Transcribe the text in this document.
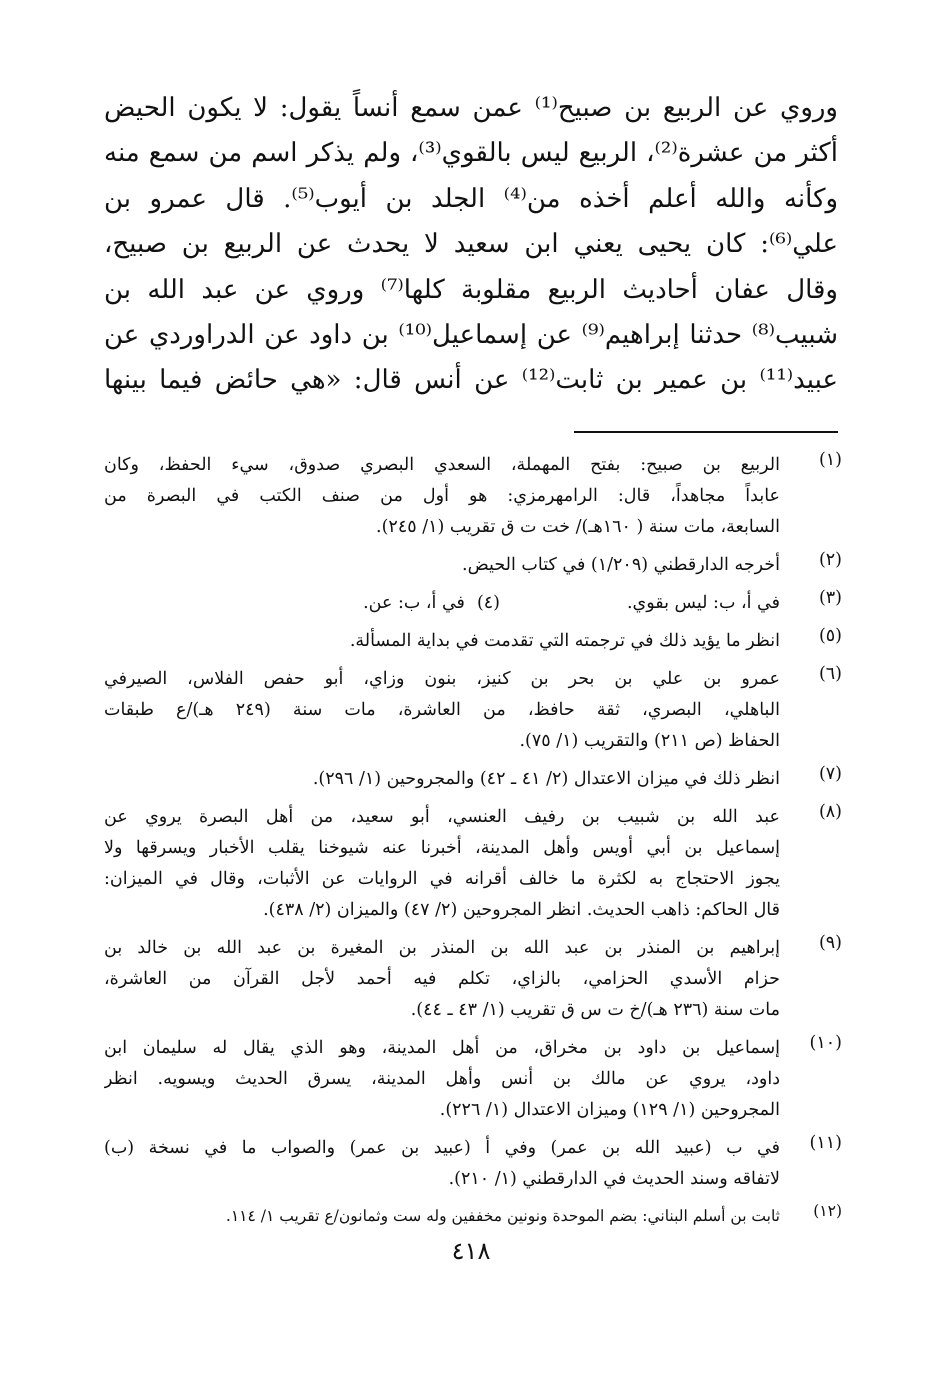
وروي عن الربيع بن صبيح⁽¹⁾ عمن سمع أنساً يقول: لا يكون الحيض
أكثر من عشرة⁽²⁾، الربيع ليس بالقوي⁽³⁾، ولم يذكر اسم من سمع منه
وكأنه والله أعلم أخذه من⁽⁴⁾ الجلد بن أيوب⁽⁵⁾. قال عمرو بن
علي⁽⁶⁾: كان يحيى يعني ابن سعيد لا يحدث عن الربيع بن صبيح،
وقال عفان أحاديث الربيع مقلوبة كلها⁽⁷⁾ وروي عن عبد الله بن
شبيب⁽⁸⁾ حدثنا إبراهيم⁽⁹⁾ عن إسماعيل⁽¹⁰⁾ بن داود عن الدراوردي عن
عبيد⁽¹¹⁾ بن عمير بن ثابت⁽¹²⁾ عن أنس قال: «هي حائض فيما بينها
(١)
الربيع بن صبيح: بفتح المهملة، السعدي البصري صدوق، سيء الحفظ، وكان
عابداً مجاهداً، قال: الرامهرمزي: هو أول من صنف الكتب في البصرة من
السابعة، مات سنة ( ١٦٠هـ)/ خت ت ق تقريب (١/ ٢٤٥).
(٢)
أخرجه الدارقطني (١/٢٠٩) في كتاب الحيض.
(٣)
في أ، ب: ليس بقوي.
(٤)
في أ، ب: عن.
(٥)
انظر ما يؤيد ذلك في ترجمته التي تقدمت في بداية المسألة.
(٦)
عمرو بن علي بن بحر بن كنيز، بنون وزاي، أبو حفص الفلاس، الصيرفي
الباهلي، البصري، ثقة حافظ، من العاشرة، مات سنة (٢٤٩ هـ)/ع طبقات
الحفاظ (ص ٢١١) والتقريب (١/ ٧٥).
(٧)
انظر ذلك في ميزان الاعتدال (٢/ ٤١ ـ ٤٢) والمجروحين (١/ ٢٩٦).
(٨)
عبد الله بن شبيب بن رفيف العنسي، أبو سعيد، من أهل البصرة يروي عن
إسماعيل بن أبي أويس وأهل المدينة، أخبرنا عنه شيوخنا يقلب الأخبار ويسرقها ولا
يجوز الاحتجاج به لكثرة ما خالف أقرانه في الروايات عن الأثبات، وقال في الميزان:
قال الحاكم: ذاهب الحديث. انظر المجروحين (٢/ ٤٧) والميزان (٢/ ٤٣٨).
(٩)
إبراهيم بن المنذر بن عبد الله بن المنذر بن المغيرة بن عبد الله بن خالد بن
حزام الأسدي الحزامي، بالزاي، تكلم فيه أحمد لأجل القرآن من العاشرة،
مات سنة (٢٣٦ هـ)/خ ت س ق تقريب (١/ ٤٣ ـ ٤٤).
(١٠)
إسماعيل بن داود بن مخراق، من أهل المدينة، وهو الذي يقال له سليمان ابن
داود، يروي عن مالك بن أنس وأهل المدينة، يسرق الحديث ويسويه. انظر
المجروحين (١/ ١٢٩) وميزان الاعتدال (١/ ٢٢٦).
(١١)
في ب (عبيد الله بن عمر) وفي أ (عبيد بن عمر) والصواب ما في نسخة (ب)
لاتفاقه وسند الحديث في الدارقطني (١/ ٢١٠).
(١٢)
ثابت بن أسلم البناني: بضم الموحدة ونونين مخففين وله ست وثمانون/ع تقريب ١/ ١١٤.
٤١٨
